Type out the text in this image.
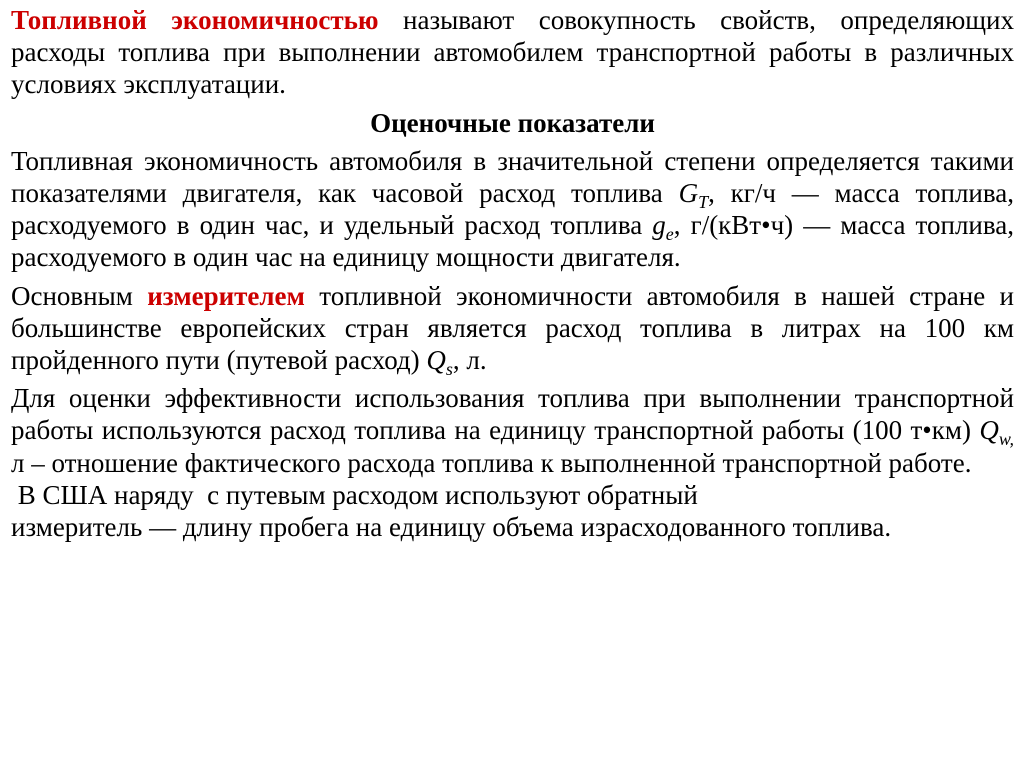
Топливной экономичностью называют совокупность свойств, определяющих расходы топлива при выполнении автомобилем транспортной работы в различных условиях эксплуатации.

Оценочные показатели

Топливная экономичность автомобиля в значительной степени определяется такими показателями двигателя, как часовой расход топлива $G_T$, кг/ч — масса топлива, расходуемого в один час, и удельный расход топлива $g_e$, г/(кВт•ч) — масса топлива, расходуемого в один час на единицу мощности двигателя.

Основным измерителем топливной экономичности автомобиля в нашей стране и большинстве европейских стран является расход топлива в литрах на 100 км пройденного пути (путевой расход) $Q_s$, л.

Для оценки эффективности использования топлива при выполнении транспортной работы используются расход топлива на единицу транспортной работы (100 т•км) $Q_{w,}$ л – отношение фактического расхода топлива к выполненной транспортной работе.

В США наряду  с путевым расходом используют обратный

измеритель — длину пробега на единицу объема израсходованного топлива.
